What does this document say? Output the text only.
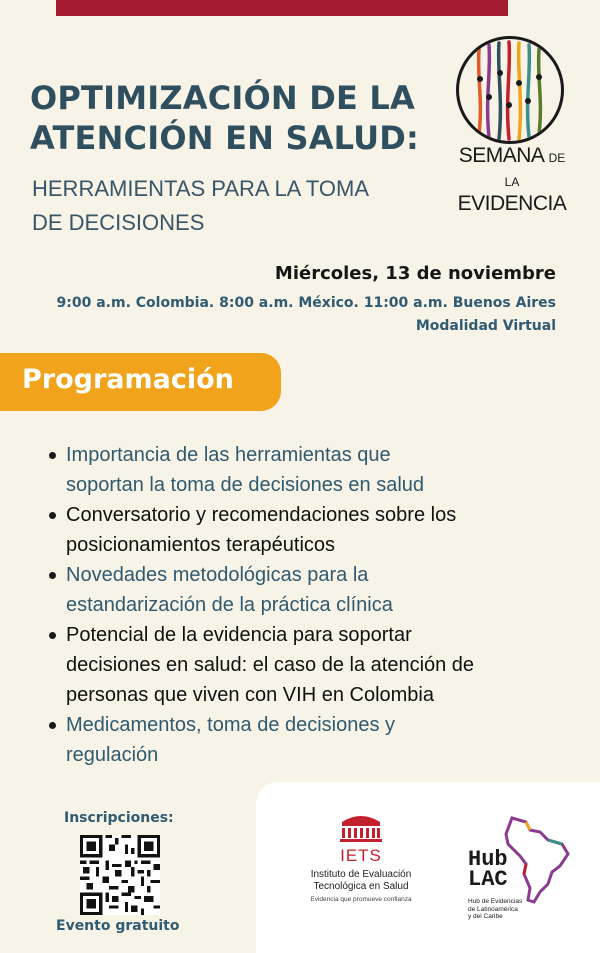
OPTIMIZACIÓN DE LA
ATENCIÓN EN SALUD:
HERRAMIENTAS PARA LA TOMA
DE DECISIONES
SEMANA DE
LA EVIDENCIA
Miércoles, 13 de noviembre
9:00 a.m. Colombia. 8:00 a.m. México. 11:00 a.m. Buenos Aires
Modalidad Virtual
Programación
Importancia de las herramientas que
soportan la toma de decisiones en salud
Conversatorio y recomendaciones sobre los
posicionamientos terapéuticos
Novedades metodológicas para la
estandarización de la práctica clínica
Potencial de la evidencia para soportar
decisiones en salud: el caso de la atención de
personas que viven con VIH en Colombia
Medicamentos, toma de decisiones y
regulación
Inscripciones:
Evento gratuito
IETS
Instituto de Evaluación
Tecnológica en Salud
Evidencia que promueve confianza
Hub
LAC
Hub de Evidencias
de Latinoamérica
y del Caribe
